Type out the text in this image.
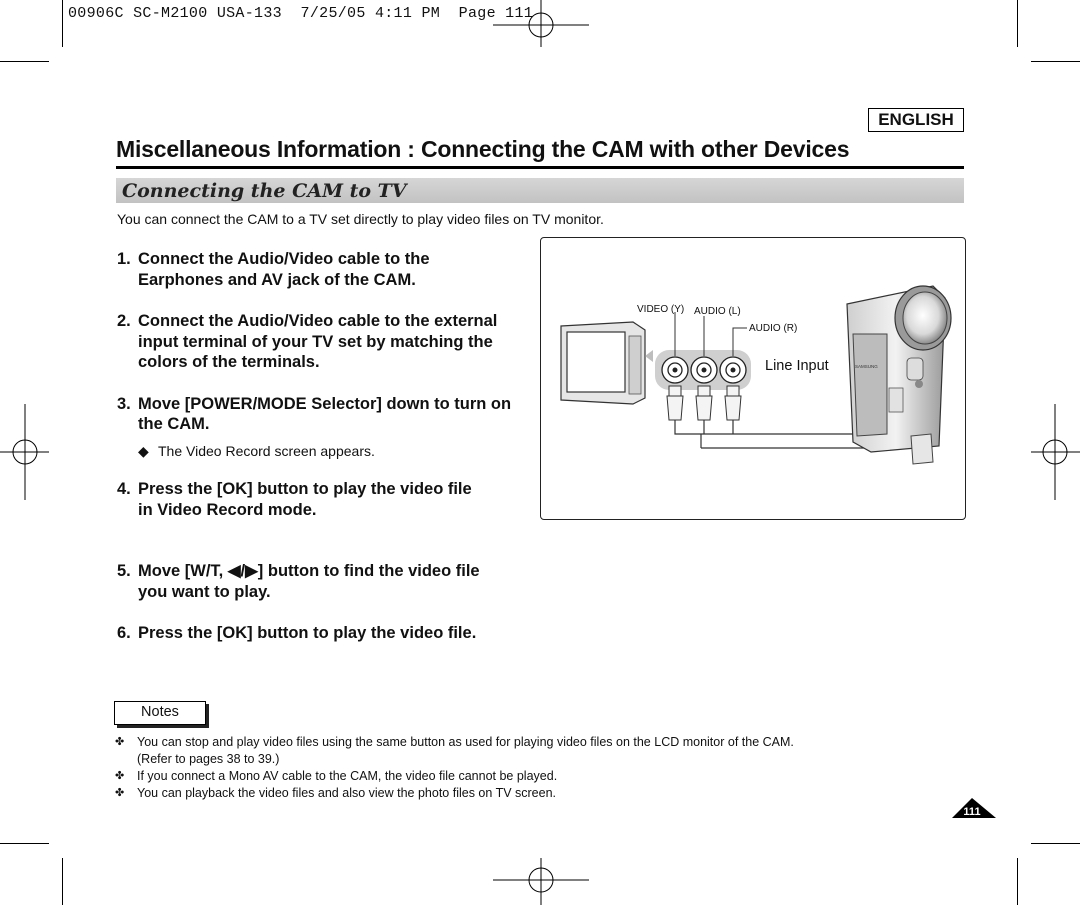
00906C SC-M2100 USA-133  7/25/05 4:11 PM  Page 111
ENGLISH
Miscellaneous Information : Connecting the CAM with other Devices
Connecting the CAM to TV
You can connect the CAM to a TV set directly to play video files on TV monitor.
1. Connect the Audio/Video cable to the
Earphones and AV jack of the CAM.
2. Connect the Audio/Video cable to the external
input terminal of your TV set by matching the
colors of the terminals.
3. Move [POWER/MODE Selector] down to turn on
the CAM.
◆ The Video Record screen appears.
4. Press the [OK] button to play the video file
in Video Record mode.
5. Move [W/T, ◀/▶] button to find the video file
you want to play.
6. Press the [OK] button to play the video file.
VIDEO (Y) AUDIO (L)
AUDIO (R)
Line Input	SAMSUNG
Notes
✤	You can stop and play video files using the same button as used for playing video files on the LCD monitor of the CAM.
(Refer to pages 38 to 39.)
✤	If you connect a Mono AV cable to the CAM, the video file cannot be played.
✤	You can playback the video files and also view the photo files on TV screen.
111
